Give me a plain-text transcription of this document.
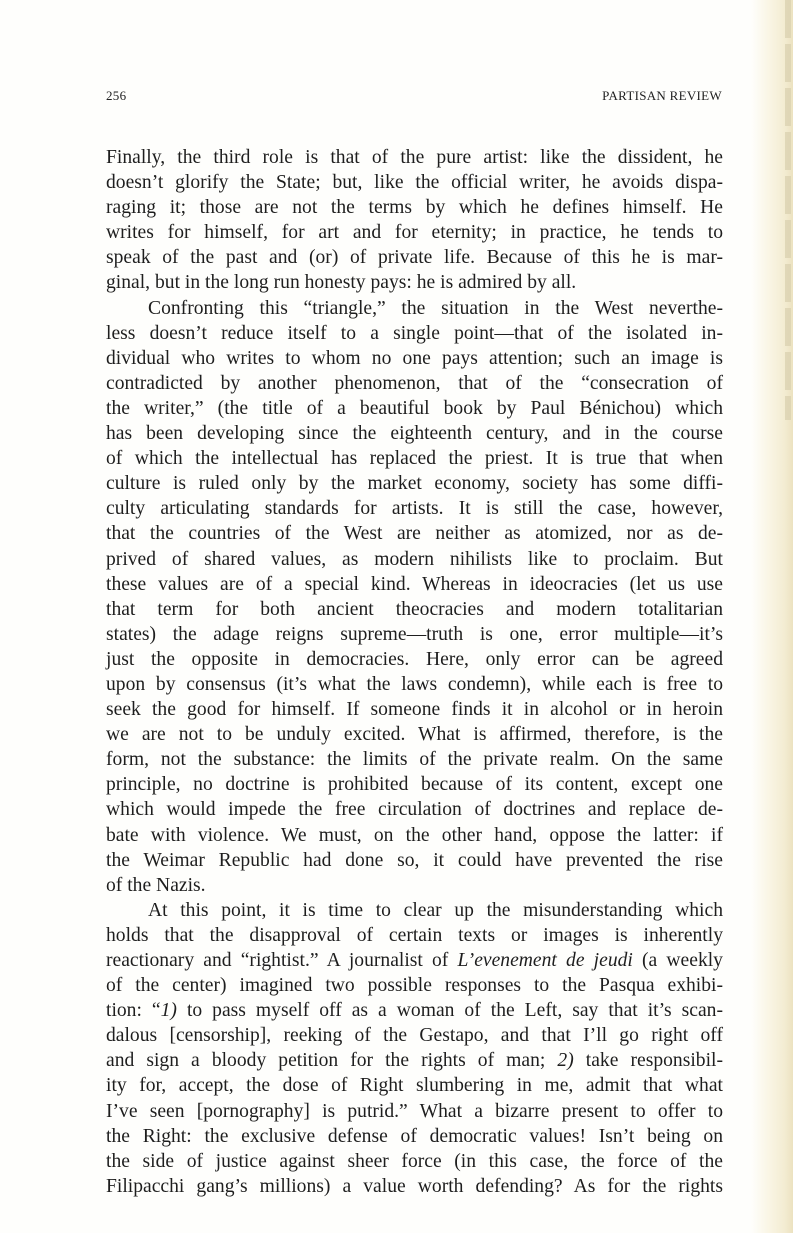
256	PARTISAN REVIEW
Finally, the third role is that of the pure artist: like the dissident, he
doesn’t glorify the State; but, like the official writer, he avoids dispa-
raging it; those are not the terms by which he defines himself. He
writes for himself, for art and for eternity; in practice, he tends to
speak of the past and (or) of private life. Because of this he is mar-
ginal, but in the long run honesty pays: he is admired by all.
Confronting this “triangle,” the situation in the West neverthe-
less doesn’t reduce itself to a single point—that of the isolated in-
dividual who writes to whom no one pays attention; such an image is
contradicted by another phenomenon, that of the “consecration of
the writer,” (the title of a beautiful book by Paul Bénichou) which
has been developing since the eighteenth century, and in the course
of which the intellectual has replaced the priest. It is true that when
culture is ruled only by the market economy, society has some diffi-
culty articulating standards for artists. It is still the case, however,
that the countries of the West are neither as atomized, nor as de-
prived of shared values, as modern nihilists like to proclaim. But
these values are of a special kind. Whereas in ideocracies (let us use
that term for both ancient theocracies and modern totalitarian
states) the adage reigns supreme—truth is one, error multiple—it’s
just the opposite in democracies. Here, only error can be agreed
upon by consensus (it’s what the laws condemn), while each is free to
seek the good for himself. If someone finds it in alcohol or in heroin
we are not to be unduly excited. What is affirmed, therefore, is the
form, not the substance: the limits of the private realm. On the same
principle, no doctrine is prohibited because of its content, except one
which would impede the free circulation of doctrines and replace de-
bate with violence. We must, on the other hand, oppose the latter: if
the Weimar Republic had done so, it could have prevented the rise
of the Nazis.
At this point, it is time to clear up the misunderstanding which
holds that the disapproval of certain texts or images is inherently
reactionary and “rightist.” A journalist of L’evenement de jeudi (a weekly
of the center) imagined two possible responses to the Pasqua exhibi-
tion: “1) to pass myself off as a woman of the Left, say that it’s scan-
dalous [censorship], reeking of the Gestapo, and that I’ll go right off
and sign a bloody petition for the rights of man; 2) take responsibil-
ity for, accept, the dose of Right slumbering in me, admit that what
I’ve seen [pornography] is putrid.” What a bizarre present to offer to
the Right: the exclusive defense of democratic values! Isn’t being on
the side of justice against sheer force (in this case, the force of the
Filipacchi gang’s millions) a value worth defending? As for the rights
